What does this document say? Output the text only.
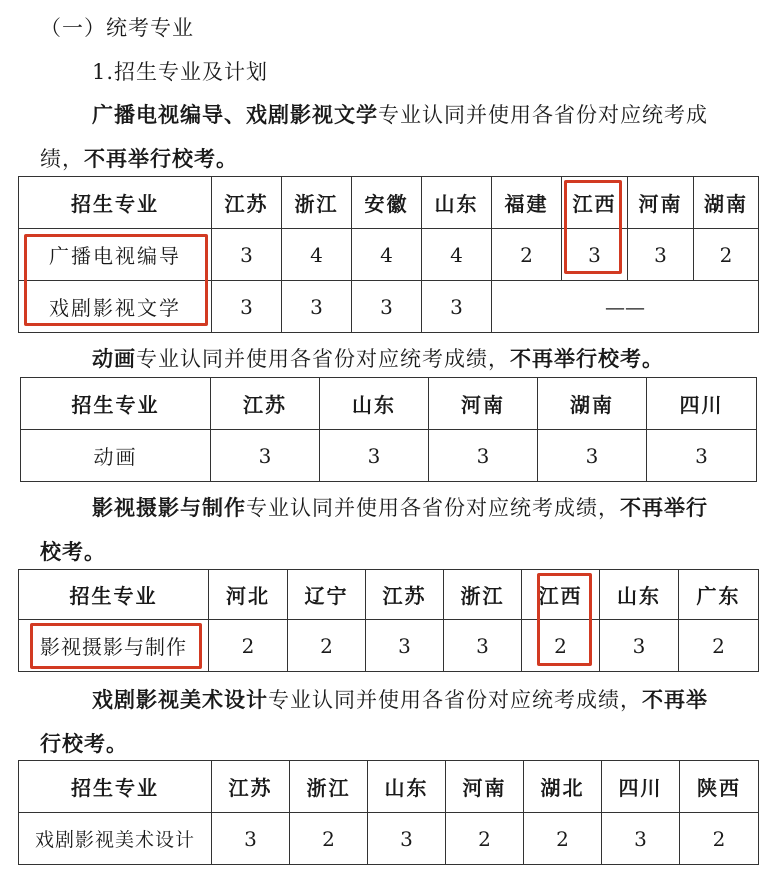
（一）统考专业
1.招生专业及计划
广播电视编导、戏剧影视文学专业认同并使用各省份对应统考成
绩，不再举行校考。
招生专业	江苏	浙江	安徽	山东	福建	江西	河南	湖南
广播电视编导	3	4	4	4	2	3	3	2
戏剧影视文学	3	3	3	3	——			
动画专业认同并使用各省份对应统考成绩，不再举行校考。
招生专业	江苏	山东	河南	湖南	四川
动画	3	3	3	3	3
影视摄影与制作专业认同并使用各省份对应统考成绩，不再举行
校考。
招生专业	河北	辽宁	江苏	浙江	江西	山东	广东
影视摄影与制作	2	2	3	3	2	3	2
戏剧影视美术设计专业认同并使用各省份对应统考成绩，不再举
行校考。
招生专业	江苏	浙江	山东	河南	湖北	四川	陕西
戏剧影视美术设计	3	2	3	2	2	3	2
